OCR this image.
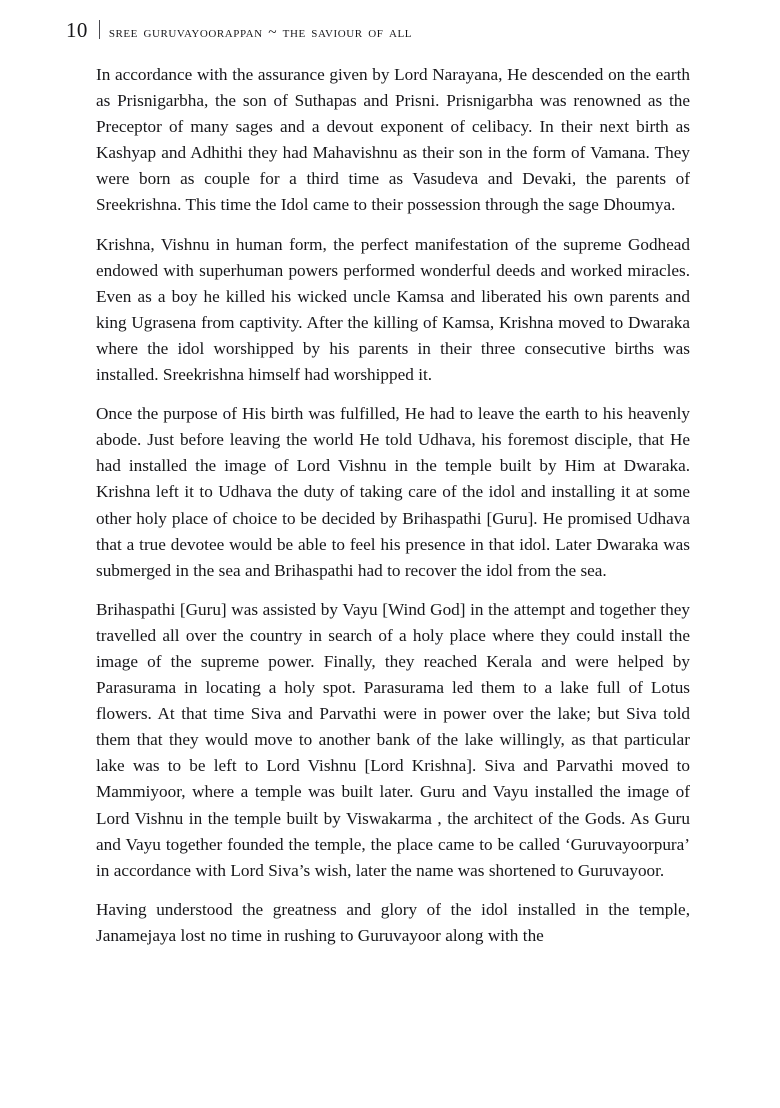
10 sree guruvayoorappan ~ the saviour of all

In accordance with the assurance given by Lord Narayana, He descended on the earth as Prisnigarbha, the son of Suthapas and Prisni. Prisnigarbha was renowned as the Preceptor of many sages and a devout exponent of celibacy. In their next birth as Kashyap and Adhithi they had Mahavishnu as their son in the form of Vamana. They were born as couple for a third time as Vasudeva and Devaki, the parents of Sreekrishna. This time the Idol came to their possession through the sage Dhoumya.

Krishna, Vishnu in human form, the perfect manifestation of the supreme Godhead endowed with superhuman powers performed wonderful deeds and worked miracles. Even as a boy he killed his wicked uncle Kamsa and liberated his own parents and king Ugrasena from captivity. After the killing of Kamsa, Krishna moved to Dwaraka where the idol worshipped by his parents in their three consecutive births was installed. Sreekrishna himself had worshipped it.

Once the purpose of His birth was fulfilled, He had to leave the earth to his heavenly abode. Just before leaving the world He told Udhava, his foremost disciple, that He had installed the image of Lord Vishnu in the temple built by Him at Dwaraka. Krishna left it to Udhava the duty of taking care of the idol and installing it at some other holy place of choice to be decided by Brihaspathi [Guru]. He promised Udhava that a true devotee would be able to feel his presence in that idol. Later Dwaraka was submerged in the sea and Brihaspathi had to recover the idol from the sea.

Brihaspathi [Guru] was assisted by Vayu [Wind God] in the attempt and together they travelled all over the country in search of a holy place where they could install the image of the supreme power. Finally, they reached Kerala and were helped by Parasurama in locating a holy spot. Parasurama led them to a lake full of Lotus flowers. At that time Siva and Parvathi were in power over the lake; but Siva told them that they would move to another bank of the lake willingly, as that particular lake was to be left to Lord Vishnu [Lord Krishna]. Siva and Parvathi moved to Mammiyoor, where a temple was built later. Guru and Vayu installed the image of Lord Vishnu in the temple built by Viswakarma , the architect of the Gods. As Guru and Vayu together founded the temple, the place came to be called ‘Guruvayoorpura’ in accordance with Lord Siva’s wish, later the name was shortened to Guruvayoor.

Having understood the greatness and glory of the idol installed in the temple, Janamejaya lost no time in rushing to Guruvayoor along with the
